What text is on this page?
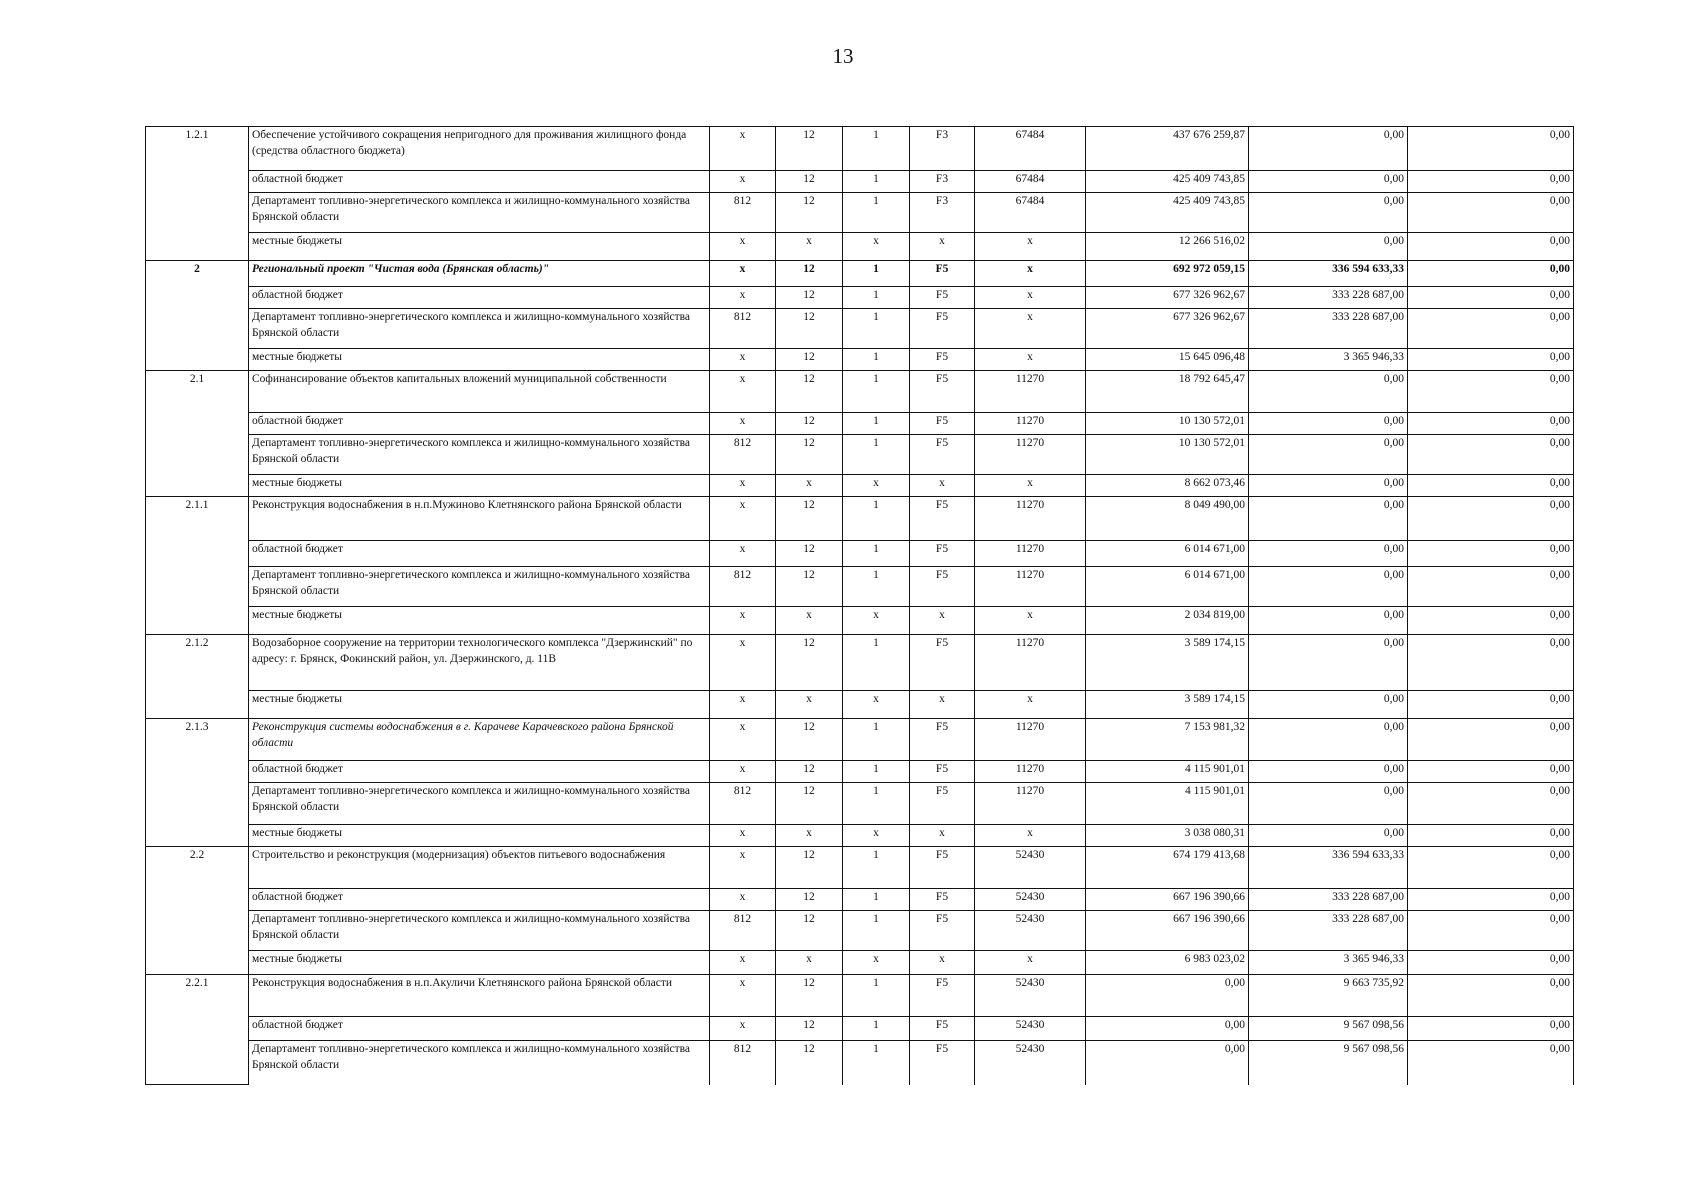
13
1.2.1	Обеспечение устойчивого сокращения непригодного для проживания жилищного фонда (средства областного бюджета)	x	12	1	F3	67484	437 676 259,87	0,00	0,00
	областной бюджет	x	12	1	F3	67484	425 409 743,85	0,00	0,00
	Департамент топливно-энергетического комплекса и жилищно-коммунального хозяйства Брянской области	812	12	1	F3	67484	425 409 743,85	0,00	0,00
	местные бюджеты	x	x	x	x	x	12 266 516,02	0,00	0,00
2	Региональный проект "Чистая вода (Брянская область)"	x	12	1	F5	x	692 972 059,15	336 594 633,33	0,00
	областной бюджет	x	12	1	F5	x	677 326 962,67	333 228 687,00	0,00
	Департамент топливно-энергетического комплекса и жилищно-коммунального хозяйства Брянской области	812	12	1	F5	x	677 326 962,67	333 228 687,00	0,00
	местные бюджеты	x	12	1	F5	x	15 645 096,48	3 365 946,33	0,00
2.1	Софинансирование объектов капитальных вложений муниципальной собственности	x	12	1	F5	11270	18 792 645,47	0,00	0,00
	областной бюджет	x	12	1	F5	11270	10 130 572,01	0,00	0,00
	Департамент топливно-энергетического комплекса и жилищно-коммунального хозяйства Брянской области	812	12	1	F5	11270	10 130 572,01	0,00	0,00
	местные бюджеты	x	x	x	x	x	8 662 073,46	0,00	0,00
2.1.1	Реконструкция водоснабжения в н.п.Мужиново Клетнянского района Брянской области	x	12	1	F5	11270	8 049 490,00	0,00	0,00
	областной бюджет	x	12	1	F5	11270	6 014 671,00	0,00	0,00
	Департамент топливно-энергетического комплекса и жилищно-коммунального хозяйства Брянской области	812	12	1	F5	11270	6 014 671,00	0,00	0,00
	местные бюджеты	x	x	x	x	x	2 034 819,00	0,00	0,00
2.1.2	Водозаборное сооружение на территории технологического комплекса "Дзержинский" по адресу: г. Брянск, Фокинский район, ул. Дзержинского, д. 11В	x	12	1	F5	11270	3 589 174,15	0,00	0,00
	местные бюджеты	x	x	x	x	x	3 589 174,15	0,00	0,00
2.1.3	Реконструкция системы водоснабжения в г. Карачеве Карачевского района Брянской области	x	12	1	F5	11270	7 153 981,32	0,00	0,00
	областной бюджет	x	12	1	F5	11270	4 115 901,01	0,00	0,00
	Департамент топливно-энергетического комплекса и жилищно-коммунального хозяйства Брянской области	812	12	1	F5	11270	4 115 901,01	0,00	0,00
	местные бюджеты	x	x	x	x	x	3 038 080,31	0,00	0,00
2.2	Строительство и реконструкция (модернизация) объектов питьевого водоснабжения	x	12	1	F5	52430	674 179 413,68	336 594 633,33	0,00
	областной бюджет	x	12	1	F5	52430	667 196 390,66	333 228 687,00	0,00
	Департамент топливно-энергетического комплекса и жилищно-коммунального хозяйства Брянской области	812	12	1	F5	52430	667 196 390,66	333 228 687,00	0,00
	местные бюджеты	x	x	x	x	x	6 983 023,02	3 365 946,33	0,00
2.2.1	Реконструкция водоснабжения в н.п.Акуличи Клетнянского района Брянской области	x	12	1	F5	52430	0,00	9 663 735,92	0,00
	областной бюджет	x	12	1	F5	52430	0,00	9 567 098,56	0,00
	Департамент топливно-энергетического комплекса и жилищно-коммунального хозяйства Брянской области	812	12	1	F5	52430	0,00	9 567 098,56	0,00
